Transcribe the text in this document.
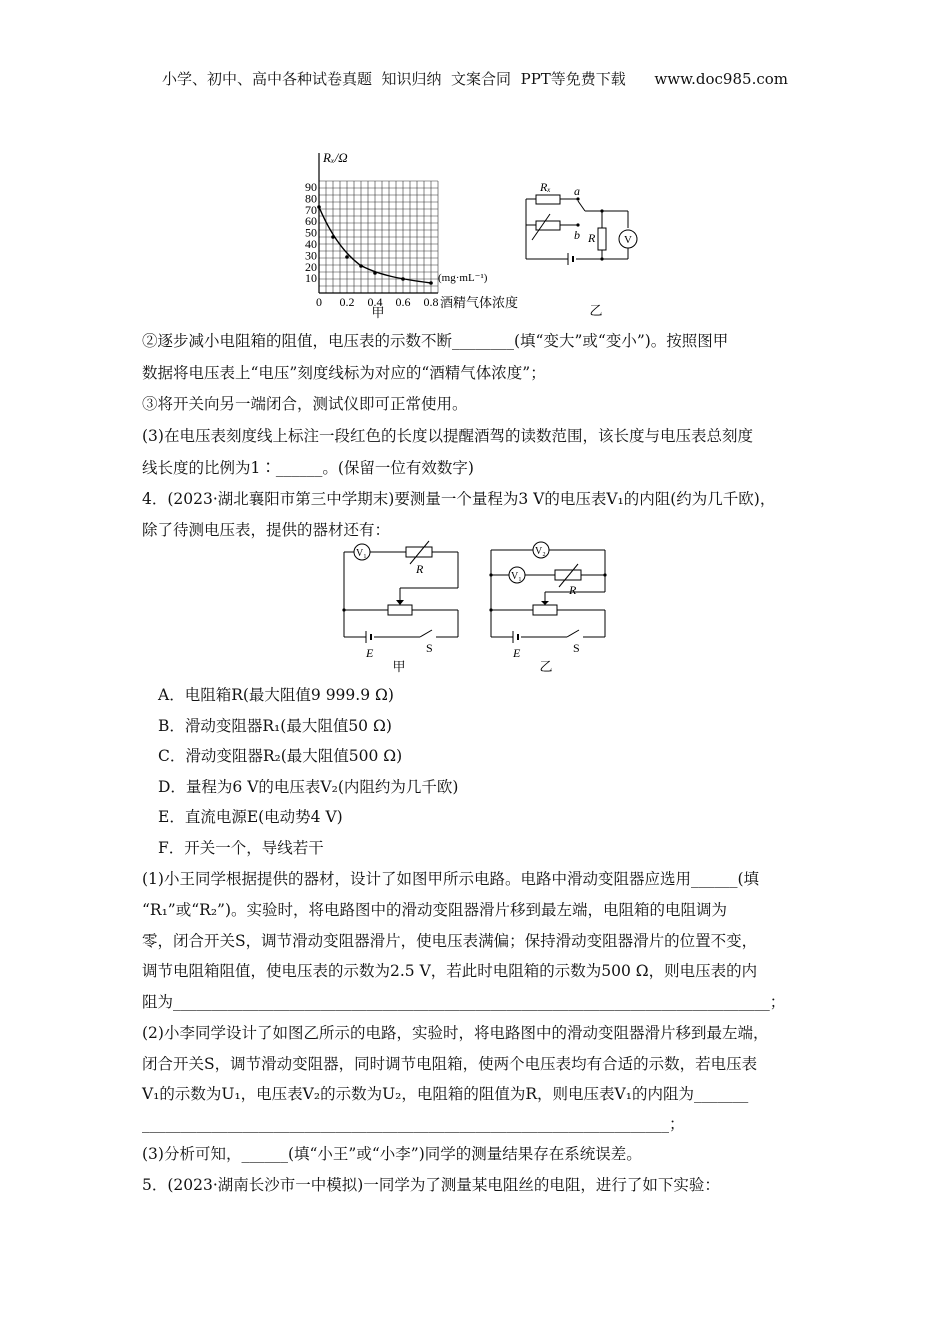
小学、初中、高中各种试卷真题  知识归纳  文案合同  PPT等免费下载      www.doc985.com
Rₓ/Ω
90
80
70
60
50
40
30
20
10
0 0.2 0.4 0.6 0.8
(mg·mL⁻¹)
酒精气体浓度
甲
Rₓ a
b R	V
乙
②逐步减小电阻箱的阻值，电压表的示数不断________(填“变大”或“变小”)。按照图甲
数据将电压表上“电压”刻度线标为对应的“酒精气体浓度”；
③将开关向另一端闭合，测试仪即可正常使用。
(3)在电压表刻度线上标注一段红色的长度以提醒酒驾的读数范围，该长度与电压表总刻度
线长度的比例为1∶______。(保留一位有效数字)
4．(2023·湖北襄阳市第三中学期末)要测量一个量程为3 V的电压表V₁的内阻(约为几千欧)，
除了待测电压表，提供的器材还有：
V₁
R
E	S
甲
V₂
V₁
R
E	S
乙
A．电阻箱R(最大阻值9 999.9 Ω)
B．滑动变阻器R₁(最大阻值50 Ω)
C．滑动变阻器R₂(最大阻值500 Ω)
D．量程为6 V的电压表V₂(内阻约为几千欧)
E．直流电源E(电动势4 V)
F．开关一个，导线若干
(1)小王同学根据提供的器材，设计了如图甲所示电路。电路中滑动变阻器应选用______(填
“R₁”或“R₂”)。实验时，将电路图中的滑动变阻器滑片移到最左端，电阻箱的电阻调为
零，闭合开关S，调节滑动变阻器滑片，使电压表满偏；保持滑动变阻器滑片的位置不变，
调节电阻箱阻值，使电压表的示数为2.5 V，若此时电阻箱的示数为500 Ω，则电压表的内
阻为_____________________________________________________________________________；
(2)小李同学设计了如图乙所示的电路，实验时，将电路图中的滑动变阻器滑片移到最左端，
闭合开关S，调节滑动变阻器，同时调节电阻箱，使两个电压表均有合适的示数，若电压表
V₁的示数为U₁，电压表V₂的示数为U₂，电阻箱的阻值为R，则电压表V₁的内阻为_______
____________________________________________________________________；
(3)分析可知，______(填“小王”或“小李”)同学的测量结果存在系统误差。
5．(2023·湖南长沙市一中模拟)一同学为了测量某电阻丝的电阻，进行了如下实验：
